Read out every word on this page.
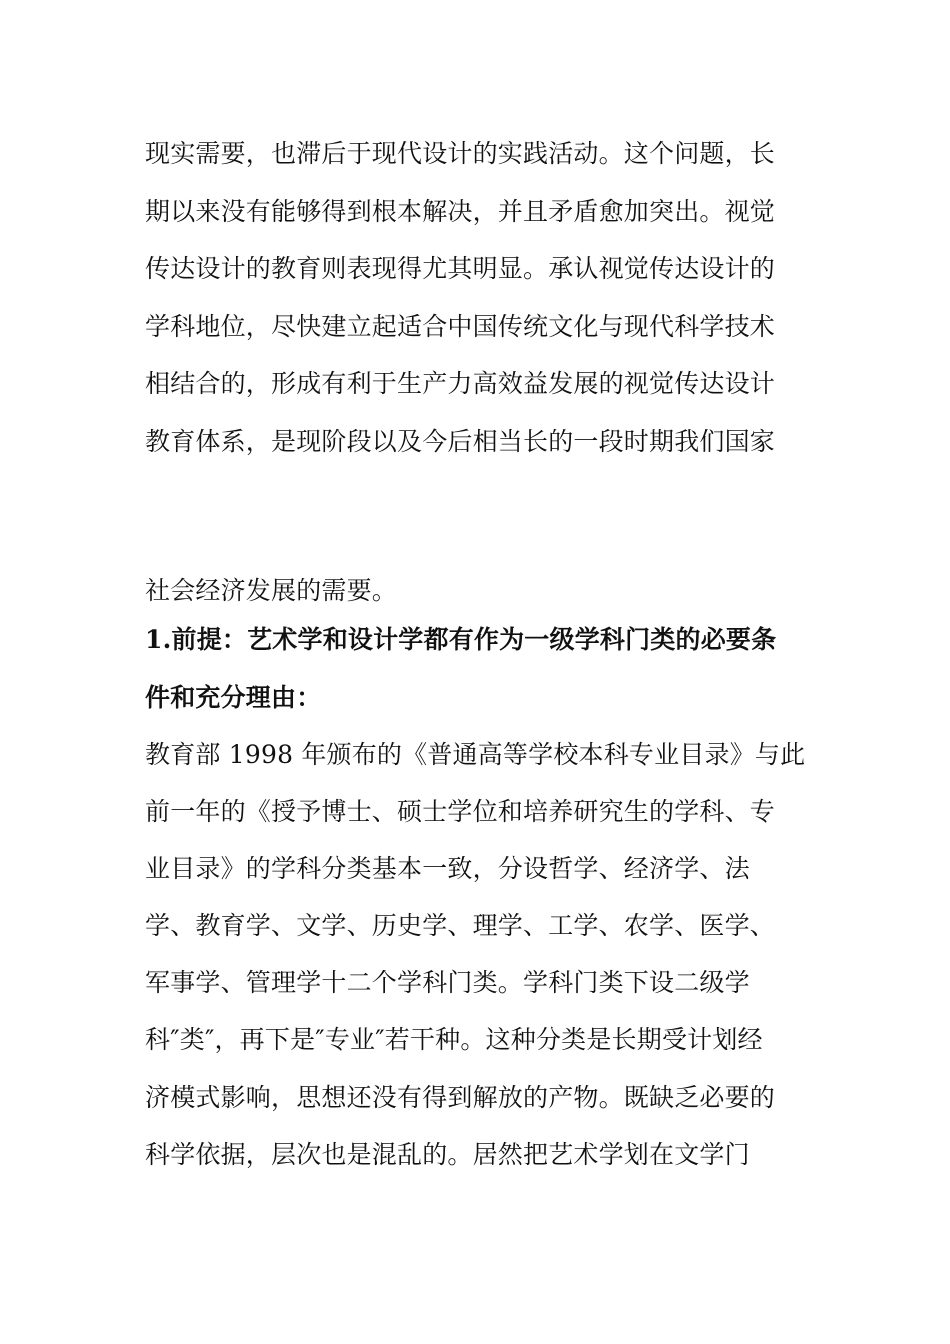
现实需要，也滞后于现代设计的实践活动。这个问题，长
期以来没有能够得到根本解决，并且矛盾愈加突出。视觉
传达设计的教育则表现得尤其明显。承认视觉传达设计的
学科地位，尽快建立起适合中国传统文化与现代科学技术
相结合的，形成有利于生产力高效益发展的视觉传达设计
教育体系，是现阶段以及今后相当长的一段时期我们国家
社会经济发展的需要。
1.前提：艺术学和设计学都有作为一级学科门类的必要条
件和充分理由：
教育部 1998 年颁布的《普通高等学校本科专业目录》与此
前一年的《授予博士、硕士学位和培养研究生的学科、专
业目录》的学科分类基本一致，分设哲学、经济学、法
学、教育学、文学、历史学、理学、工学、农学、医学、
军事学、管理学十二个学科门类。学科门类下设二级学
科″类″，再下是″专业″若干种。这种分类是长期受计划经
济模式影响，思想还没有得到解放的产物。既缺乏必要的
科学依据，层次也是混乱的。居然把艺术学划在文学门
